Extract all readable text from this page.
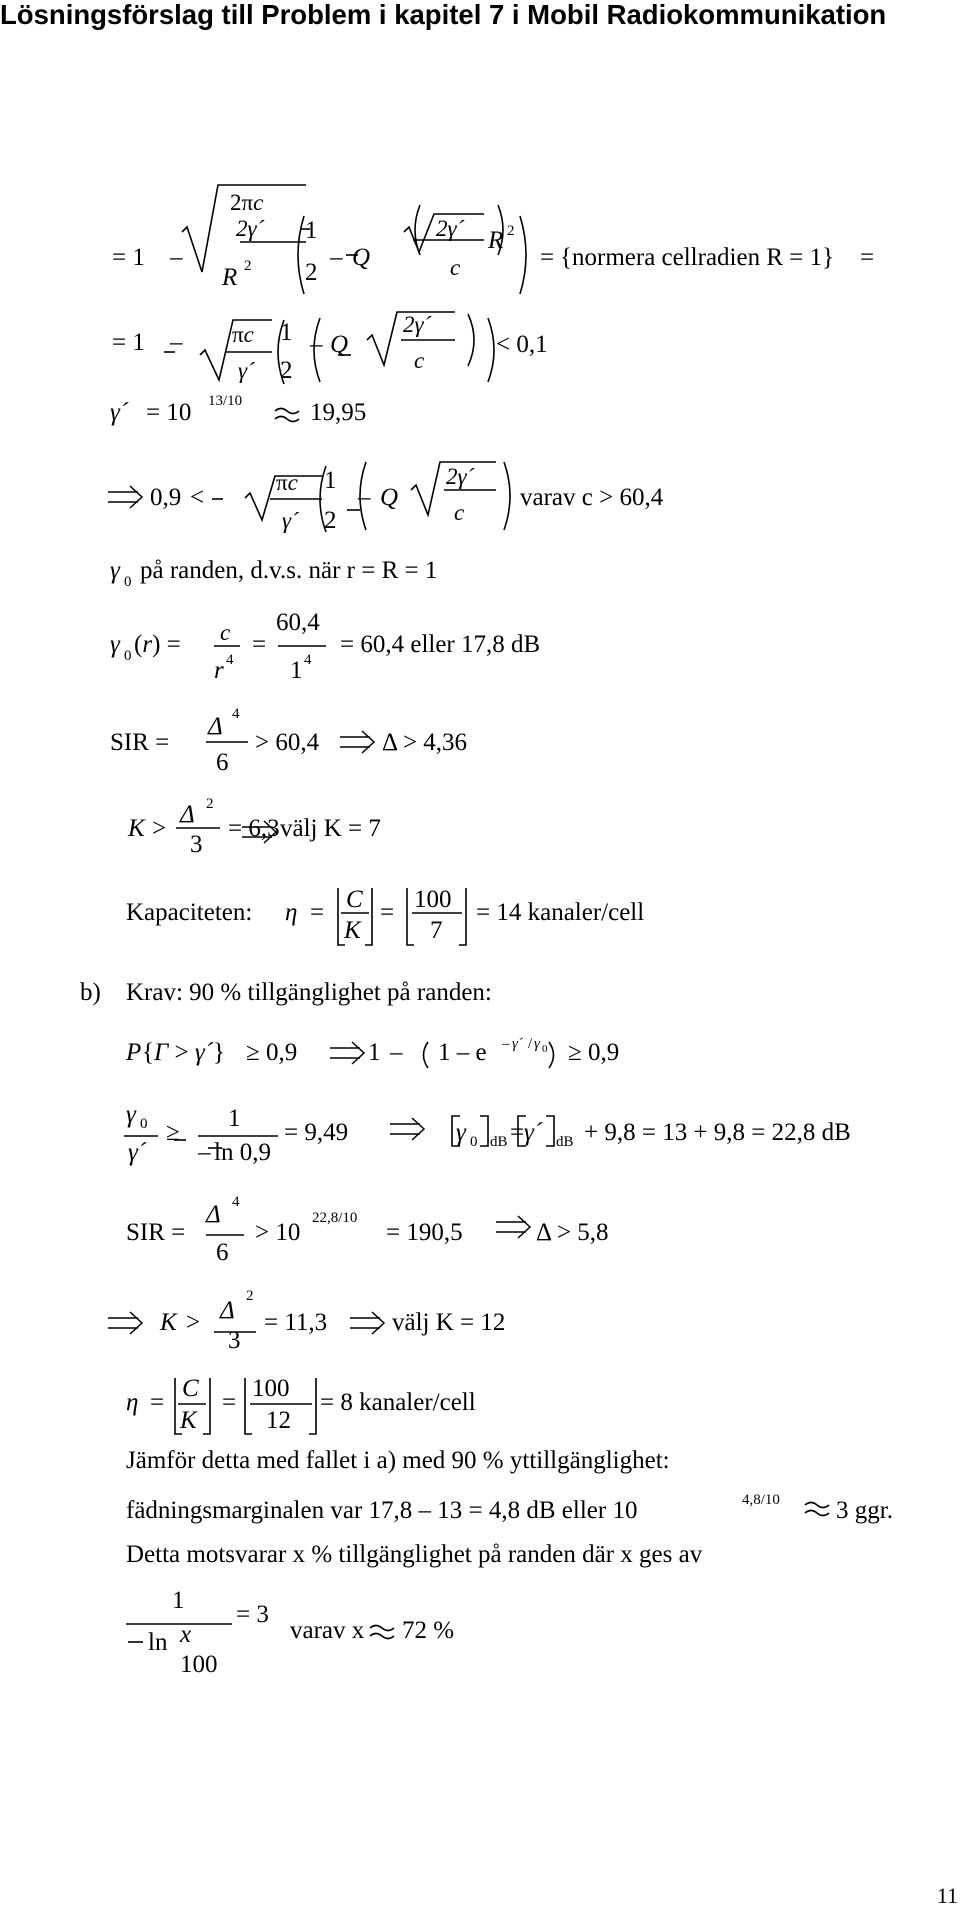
Lösningsförslag till Problem i kapitel 7 i Mobil Radiokommunikation
= 1 –
2πc
2γ´
R 2
1
2
– Q
2γ´
c
R 2
= {normera cellradien R = 1} =
= 1 – πc
γ´
1
2
– Q
2γ´
c
< 0,1
γ´ = 10 13/10	19,95
0,9 <
πc
γ´
1
2
– Q
2γ´
c
varav c > 60,4
γ 0 på randen, d.v.s. när r = R = 1
γ 0 (r) = c
r 4
=
60,4
1 4
= 60,4 eller 17,8 dB
SIR =
Δ 4
6
> 60,4	Δ > 4,36
K >
Δ 2
3
= 6,3 välj K = 7
Kapaciteten: η = C
K
= 100
7
= 14 kanaler/cell
b) Krav: 90 % tillgänglighet på randen:
P {Γ > γ´} ≥ 0,9	1 – 1 – e – γ´ / γ 0 ≥ 0,9
γ 0
γ´
≥
1
– ln 0,9
= 9,49	γ 0 dB = γ´ dB + 9,8 = 13 + 9,8 = 22,8 dB
SIR =
Δ 4
6
> 10
22,8/10
= 190,5	Δ > 5,8
K > Δ
2
3
= 11,3	välj K = 12
η =
C
K
=
100
12
= 8 kanaler/cell
Jämför detta med fallet i a) med 90 % yttillgänglighet:
fädningsmarginalen var 17,8 – 13 = 4,8 dB eller 10	4,8/10 3 ggr.
Detta motsvarar x % tillgänglighet på randen där x ges av
1
ln x
100
= 3
varav x 72 %
11
